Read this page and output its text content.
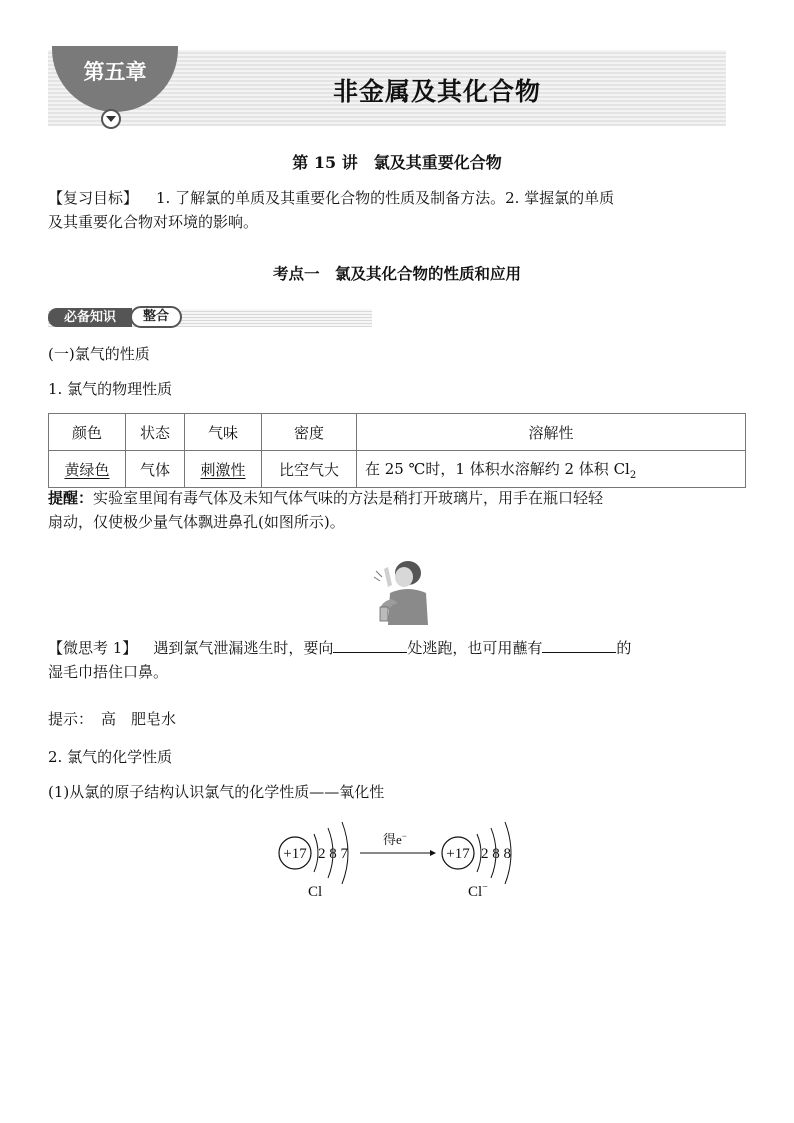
第五章
非金属及其化合物
第 15 讲　氯及其重要化合物
【复习目标】 1. 了解氯的单质及其重要化合物的性质及制备方法。2. 掌握氯的单质
及其重要化合物对环境的影响。
考点一　氯及其化合物的性质和应用
必备知识	整合
(一)氯气的性质
1. 氯气的物理性质
颜色	状态	气味	密度	溶解性
黄绿色	气体	刺激性	比空气大	在 25 ℃时，1 体积水溶解约 2 体积 $Cl_2$
提醒：实验室里闻有毒气体及未知气体气味的方法是稍打开玻璃片，用手在瓶口轻轻
扇动，仅使极少量气体飘进鼻孔(如图所示)。
【微思考 1】 遇到氯气泄漏逃生时，要向	处逃跑，也可用蘸有	的
湿毛巾捂住口鼻。
提示： 高　肥皂水
2. 氯气的化学性质
(1)从氯的原子结构认识氯气的化学性质——氧化性
+17 2 8 7
Cl
得e−
+17 2 8 8
Cl−
